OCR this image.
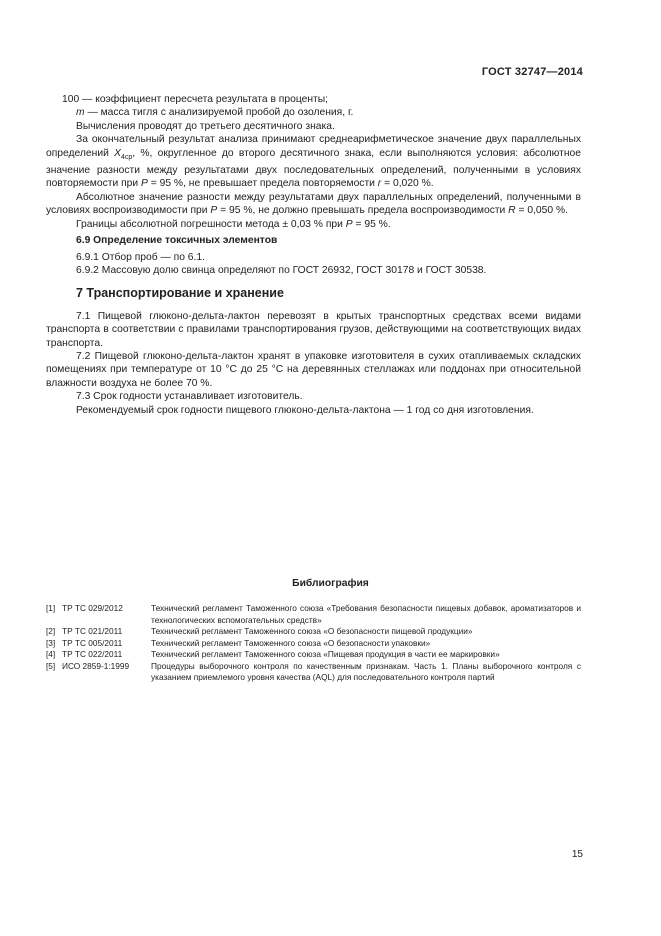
ГОСТ 32747—2014

100 — коэффициент пересчета результата в проценты;

m — масса тигля с анализируемой пробой до озоления, г.

Вычисления проводят до третьего десятичного знака.

За окончательный результат анализа принимают среднеарифметическое значение двух параллельных определений $X_{4ср}$, %, округленное до второго десятичного знака, если выполняются условия: абсолютное значение разности между результатами двух последовательных определений, полученными в условиях повторяемости при P = 95 %, не превышает предела повторяемости r = 0,020 %.

Абсолютное значение разности между результатами двух параллельных определений, полученными в условиях воспроизводимости при P = 95 %, не должно превышать предела воспроизводимости R = 0,050 %.

Границы абсолютной погрешности метода ± 0,03 % при P = 95 %.

6.9 Определение токсичных элементов

6.9.1 Отбор проб — по 6.1.

6.9.2 Массовую долю свинца определяют по ГОСТ 26932, ГОСТ 30178 и ГОСТ 30538.

7 Транспортирование и хранение

7.1 Пищевой глюконо-дельта-лактон перевозят в крытых транспортных средствах всеми видами транспорта в соответствии с правилами транспортирования грузов, действующими на соответствующих видах транспорта.

7.2 Пищевой глюконо-дельта-лактон хранят в упаковке изготовителя в сухих отапливаемых складских помещениях при температуре от 10 °С до 25 °С на деревянных стеллажах или поддонах при относительной влажности воздуха не более 70 %.

7.3 Срок годности устанавливает изготовитель.

Рекомендуемый срок годности пищевого глюконо-дельта-лактона — 1 год со дня изготовления.

Библиография
[1] ТР ТС 029/2012	Технический регламент Таможенного союза «Требования безопасности пищевых добавок, ароматизаторов и технологических вспомогательных средств»
[2] ТР ТС 021/2011	Технический регламент Таможенного союза «О безопасности пищевой продукции»
[3] ТР ТС 005/2011	Технический регламент Таможенного союза «О безопасности упаковки»
[4] ТР ТС 022/2011	Технический регламент Таможенного союза «Пищевая продукция в части ее маркировки»
[5] ИСО 2859-1:1999	Процедуры выборочного контроля по качественным признакам. Часть 1. Планы выборочного контроля с указанием приемлемого уровня качества (AQL) для последовательного контроля партий
15
